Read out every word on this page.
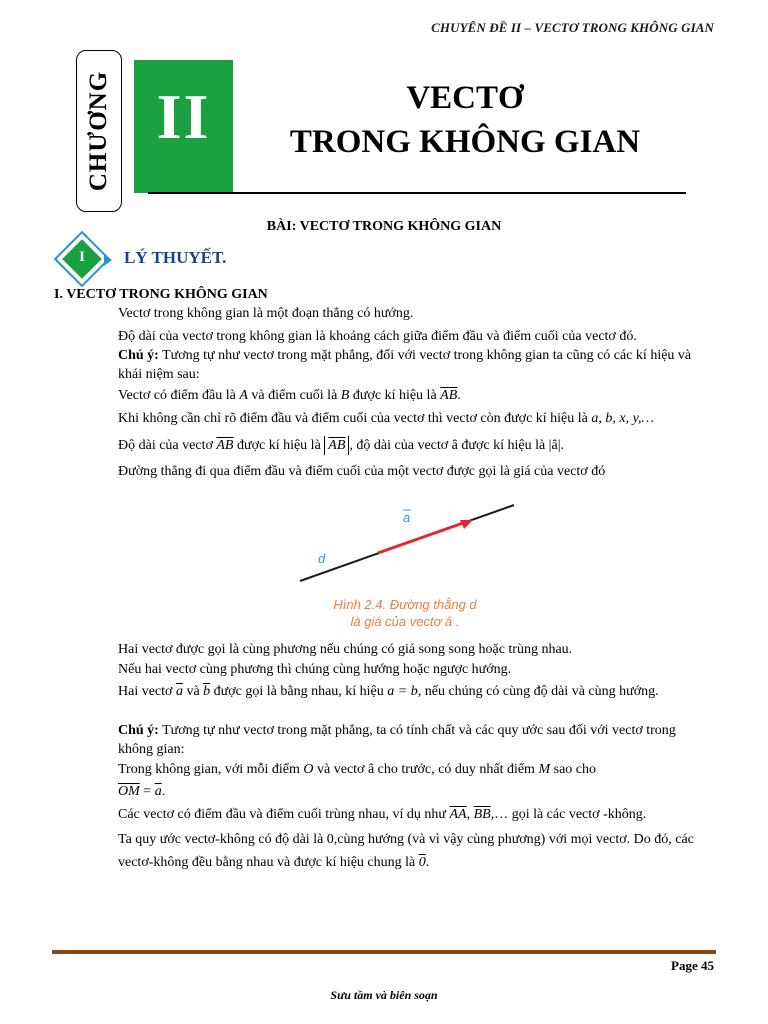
CHUYÊN ĐỀ II – VECTƠ TRONG KHÔNG GIAN
CHƯƠNG II	VECTƠ
TRONG KHÔNG GIAN
BÀI: VECTƠ TRONG KHÔNG GIAN
I	LÝ THUYẾT.
I. VECTƠ TRONG KHÔNG GIAN
Vectơ trong không gian là một đoạn thẳng có hướng.
Độ dài của vectơ trong không gian là khoảng cách giữa điểm đầu và điểm cuối của vectơ đó.
Chú ý: Tương tự như vectơ trong mặt phẳng, đối với vectơ trong không gian ta cũng có các kí hiệu và khái niệm sau:
Vectơ có điểm đầu là A và điểm cuối là B được kí hiệu là $\overline{AB}$.
Khi không cần chỉ rõ điểm đầu và điểm cuối của vectơ thì vectơ còn được kí hiệu là a, b, x, y,…
Độ dài của vectơ $\overline{AB}$ được kí hiệu là $\overline{AB}$ , độ dài của vectơ ȃ được kí hiệu là |ȃ|.
Đường thẳng đi qua điểm đầu và điểm cuối của một vectơ được gọi là giá của vectơ đó
d
a
Hình 2.4. Đường thẳng d
là giá của vectơ ȃ .
Hai vectơ được gọi là cùng phương nếu chúng có giá song song hoặc trùng nhau.
Nếu hai vectơ cùng phương thì chúng cùng hướng hoặc ngược hướng.
Hai vectơ $\overline{a}$ và $\overline{b}$ được gọi là bằng nhau, kí hiệu a = b, nếu chúng có cùng độ dài và cùng hướng.
Chú ý: Tương tự như vectơ trong mặt phẳng, ta có tính chất và các quy ước sau đối với vectơ trong không gian:
Trong không gian, với mỗi điểm O và vectơ ȃ cho trước, có duy nhất điểm M sao cho
$\overline{OM} = \overline{a}$.
Các vectơ có điểm đầu và điểm cuối trùng nhau, ví dụ như $\overline{AA}$, $\overline{BB},\dots$ gọi là các vectơ -không.
Ta quy ước vectơ-không có độ dài là 0,cùng hướng (và vì vậy cùng phương) với mọi vectơ. Do đó, các vectơ-không đều bằng nhau và được kí hiệu chung là 0.
Page 45
Sưu tầm và biên soạn
